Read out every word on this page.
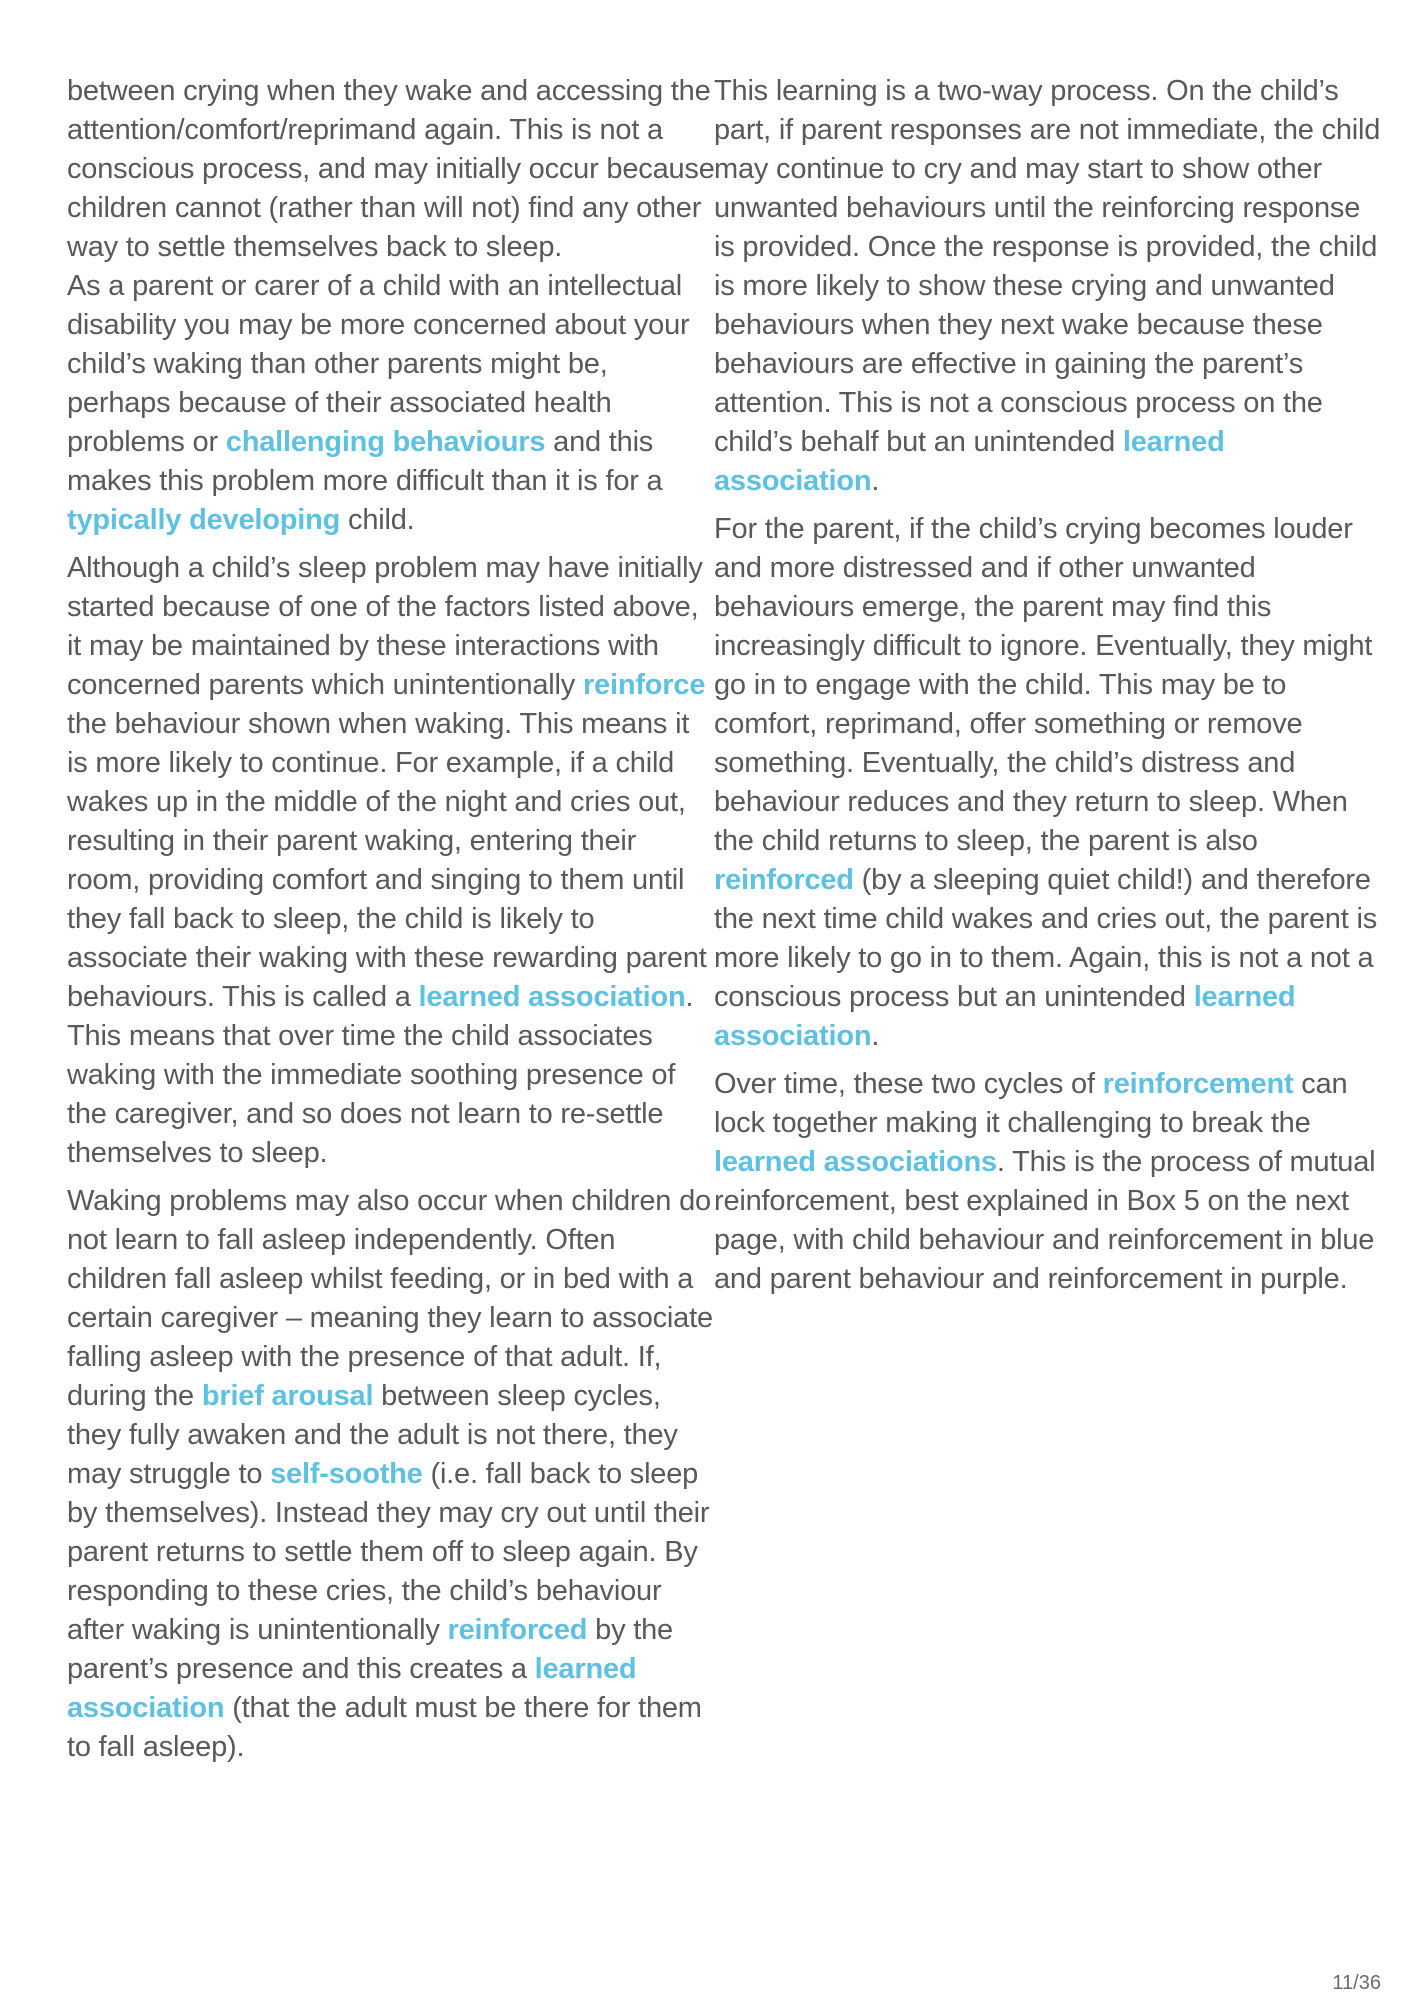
between crying when they wake and accessing the attention/comfort/reprimand again. This is not a conscious process, and may initially occur because children cannot (rather than will not) find any other way to settle themselves back to sleep.
As a parent or carer of a child with an intellectual disability you may be more concerned about your child’s waking than other parents might be, perhaps because of their associated health problems or challenging behaviours and this makes this problem more difficult than it is for a typically developing child.

Although a child’s sleep problem may have initially started because of one of the factors listed above, it may be maintained by these interactions with concerned parents which unintentionally reinforce the behaviour shown when waking. This means it is more likely to continue. For example, if a child wakes up in the middle of the night and cries out, resulting in their parent waking, entering their room, providing comfort and singing to them until they fall back to sleep, the child is likely to associate their waking with these rewarding parent behaviours. This is called a learned association. This means that over time the child associates waking with the immediate soothing presence of the caregiver, and so does not learn to re-settle themselves to sleep.

Waking problems may also occur when children do not learn to fall asleep independently. Often children fall asleep whilst feeding, or in bed with a certain caregiver – meaning they learn to associate falling asleep with the presence of that adult. If, during the brief arousal between sleep cycles, they fully awaken and the adult is not there, they may struggle to self-soothe (i.e. fall back to sleep by themselves). Instead they may cry out until their parent returns to settle them off to sleep again. By responding to these cries, the child’s behaviour after waking is unintentionally reinforced by the parent’s presence and this creates a learned association (that the adult must be there for them to fall asleep).

This learning is a two-way process. On the child’s part, if parent responses are not immediate, the child may continue to cry and may start to show other unwanted behaviours until the reinforcing response is provided. Once the response is provided, the child is more likely to show these crying and unwanted behaviours when they next wake because these behaviours are effective in gaining the parent’s attention. This is not a conscious process on the child’s behalf but an unintended learned association.

For the parent, if the child’s crying becomes louder and more distressed and if other unwanted behaviours emerge, the parent may find this increasingly difficult to ignore. Eventually, they might go in to engage with the child. This may be to comfort, reprimand, offer something or remove something. Eventually, the child’s distress and behaviour reduces and they return to sleep. When the child returns to sleep, the parent is also reinforced (by a sleeping quiet child!) and therefore the next time child wakes and cries out, the parent is more likely to go in to them. Again, this is not a not a conscious process but an unintended learned association.

Over time, these two cycles of reinforcement can lock together making it challenging to break the learned associations. This is the process of mutual reinforcement, best explained in Box 5 on the next page, with child behaviour and reinforcement in blue and parent behaviour and reinforcement in purple.

11/36
